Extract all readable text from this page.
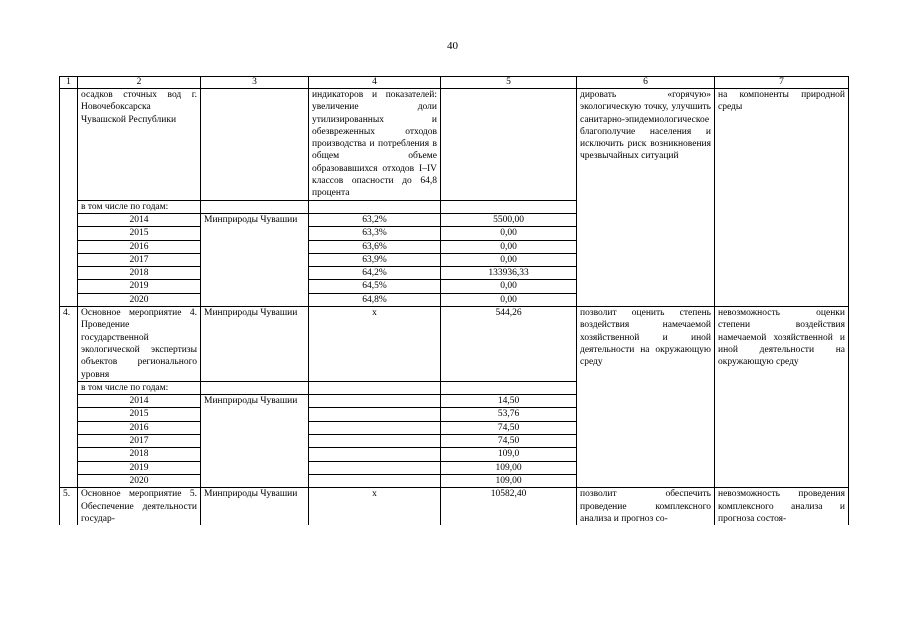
40
1	2	3	4	5	6	7
	осадков сточных вод г. Новочебоксарска Чувашской Республики		индикаторов и показателей: увеличение доли утилизированных и обезвреженных отходов производства и потребления в общем объеме образовавшихся отходов I–IV классов опасности до 64,8 процента		дировать «горячую» экологическую точку, улучшить санитарно-эпидемиологическое благополучие населения и исключить риск возникновения чрезвычайных ситуаций	на компоненты природной среды
	в том числе по годам:					
	2014	Минприроды Чувашии	63,2%	5500,00		
	2015		63,3%	0,00		
	2016		63,6%	0,00		
	2017		63,9%	0,00		
	2018		64,2%	133936,33		
	2019		64,5%	0,00		
	2020		64,8%	0,00		
4.	Основное мероприятие 4. Проведение государственной экологической экспертизы объектов регионального уровня	Минприроды Чувашии	x	544,26	позволит оценить степень воздействия намечаемой хозяйственной и иной деятельности на окружающую среду	невозможность оценки степени воздействия намечаемой хозяйственной и иной деятельности на окружающую среду
	в том числе по годам:					
	2014	Минприроды Чувашии		14,50		
	2015			53,76		
	2016			74,50		
	2017			74,50		
	2018			109,0		
	2019			109,00		
	2020			109,00		
5.	Основное мероприятие 5. Обеспечение деятельности государ-	Минприроды Чувашии	x	10582,40	позволит обеспечить проведение комплексного анализа и прогноз со-	невозможность проведения комплексного анализа и прогноза состоя-
